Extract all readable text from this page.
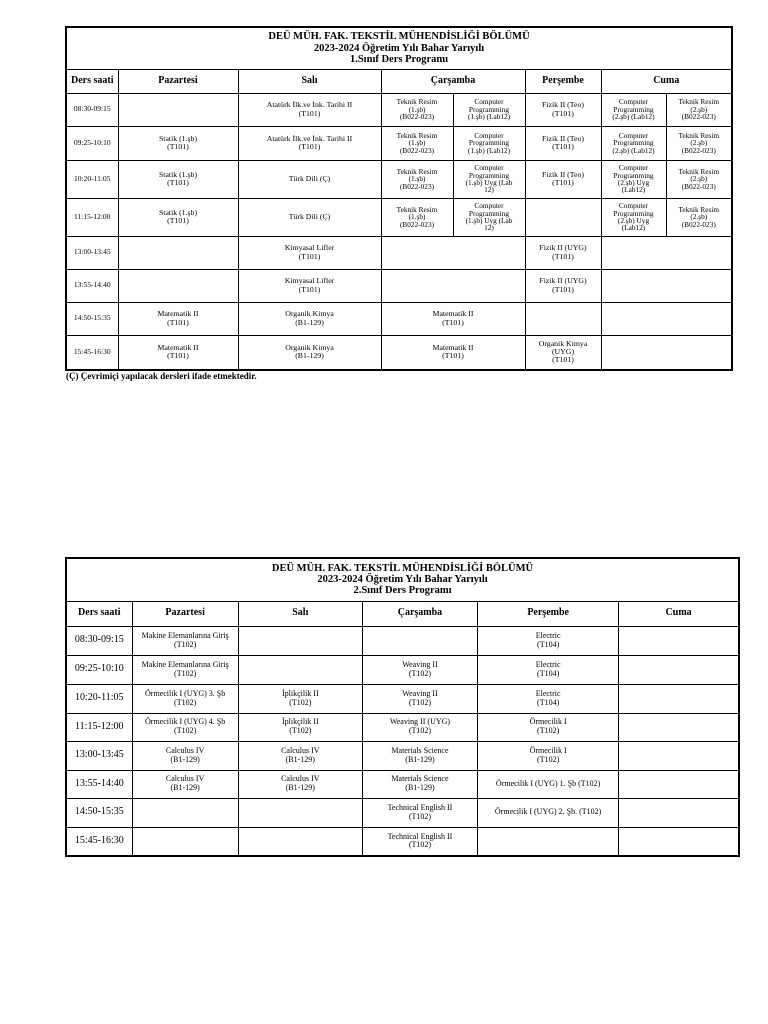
DEÜ MÜH. FAK. TEKSTİL MÜHENDİSLİĞİ BÖLÜMÜ
2023-2024 Öğretim Yılı Bahar Yarıyılı
1.Sınıf Ders Programı							

Ders saati	Pazartesi	Salı	Çarşamba		Perşembe	Cuma	

08:30-09:15		Atatürk İlk.ve İnk. Tarihi II
(T101)	Teknik Resim
(1.şb)
(B022-023)	Computer
Programming
(1.şb) (Lab12)	Fizik II (Teo)
(T101)	Computer
Programming
(2.şb) (Lab12)	Teknik Resim
(2.şb)
(B022-023)

09:25-10:10	Statik (1.şb)
(T101)	Atatürk İlk.ve İnk. Tarihi II
(T101)	Teknik Resim
(1.şb)
(B022-023)	Computer
Programming
(1.şb) (Lab12)	Fizik II (Teo)
(T101)	Computer
Programming
(2.şb) (Lab12)	Teknik Resim
(2.şb)
(B022-023)

10:20-11:05	Statik (1.şb)
(T101)	Türk Dili (Ç)	Teknik Resim
(1.şb)
(B022-023)	Computer
Programming
(1.şb) Uyg (Lab
12)	Fizik II (Teo)
(T101)	Computer
Programming
(2.şb) Uyg
(Lab12)	Teknik Resim
(2.şb)
(B022-023)

11:15-12:00	Statik (1.şb)
(T101)	Türk Dili (Ç)	Teknik Resim
(1.şb)
(B022-023)	Computer
Programming
(1.şb) Uyg (Lab
12)		Computer
Programming
(2.şb) Uyg
(Lab12)	Teknik Resim
(2.şb)
(B022-023)

13:00-13:45		Kimyasal Lifler
(T101)			Fizik II (UYG)
(T101)		

13:55-14:40		Kimyasal Lifler
(T101)			Fizik II (UYG)
(T101)		

14:50-15:35	Matematik II
(T101)	Organik Kimya
(B1-129)	Matematik II
(T101)				

15:45-16:30	Matematik II
(T101)	Organik Kimya
(B1-129)	Matematik II
(T101)		Organik Kimya
(UYG)
(T101)		

(Ç) Çevrimiçi yapılacak dersleri ifade etmektedir.
DEÜ MÜH. FAK. TEKSTİL MÜHENDİSLİĞİ BÖLÜMÜ
2023-2024 Öğretim Yılı Bahar Yarıyılı
2.Sınıf Ders Programı					

Ders saati	Pazartesi	Salı	Çarşamba	Perşembe	Cuma

08:30-09:15	Makine Elemanlarına Giriş
(T102)			Electric
(T104)	

09:25-10:10	Makine Elemanlarına Giriş
(T102)		Weaving II
(T102)	Electric
(T104)	

10:20-11:05	Örmecilik I (UYG) 3. Şb
(T102)	İplikçilik II
(T102)	Weaving II
(T102)	Electric
(T104)	

11:15-12:00	Örmecilik I (UYG) 4. Şb
(T102)	İplikçilik II
(T102)	Weaving II (UYG)
(T102)	Örmecilik I
(T102)	

13:00-13:45	Calculus IV
(B1-129)	Calculus IV
(B1-129)	Materials Science
(B1-129)	Örmecilik I
(T102)	

13:55-14:40	Calculus IV
(B1-129)	Calculus IV
(B1-129)	Materials Science
(B1-129)	Örmecilik I (UYG) 1. Şb (T102)	

14:50-15:35			Technical English II
(T102)	Örmecilik I (UYG) 2. Şb. (T102)	

15:45-16:30			Technical English II
(T102)		
